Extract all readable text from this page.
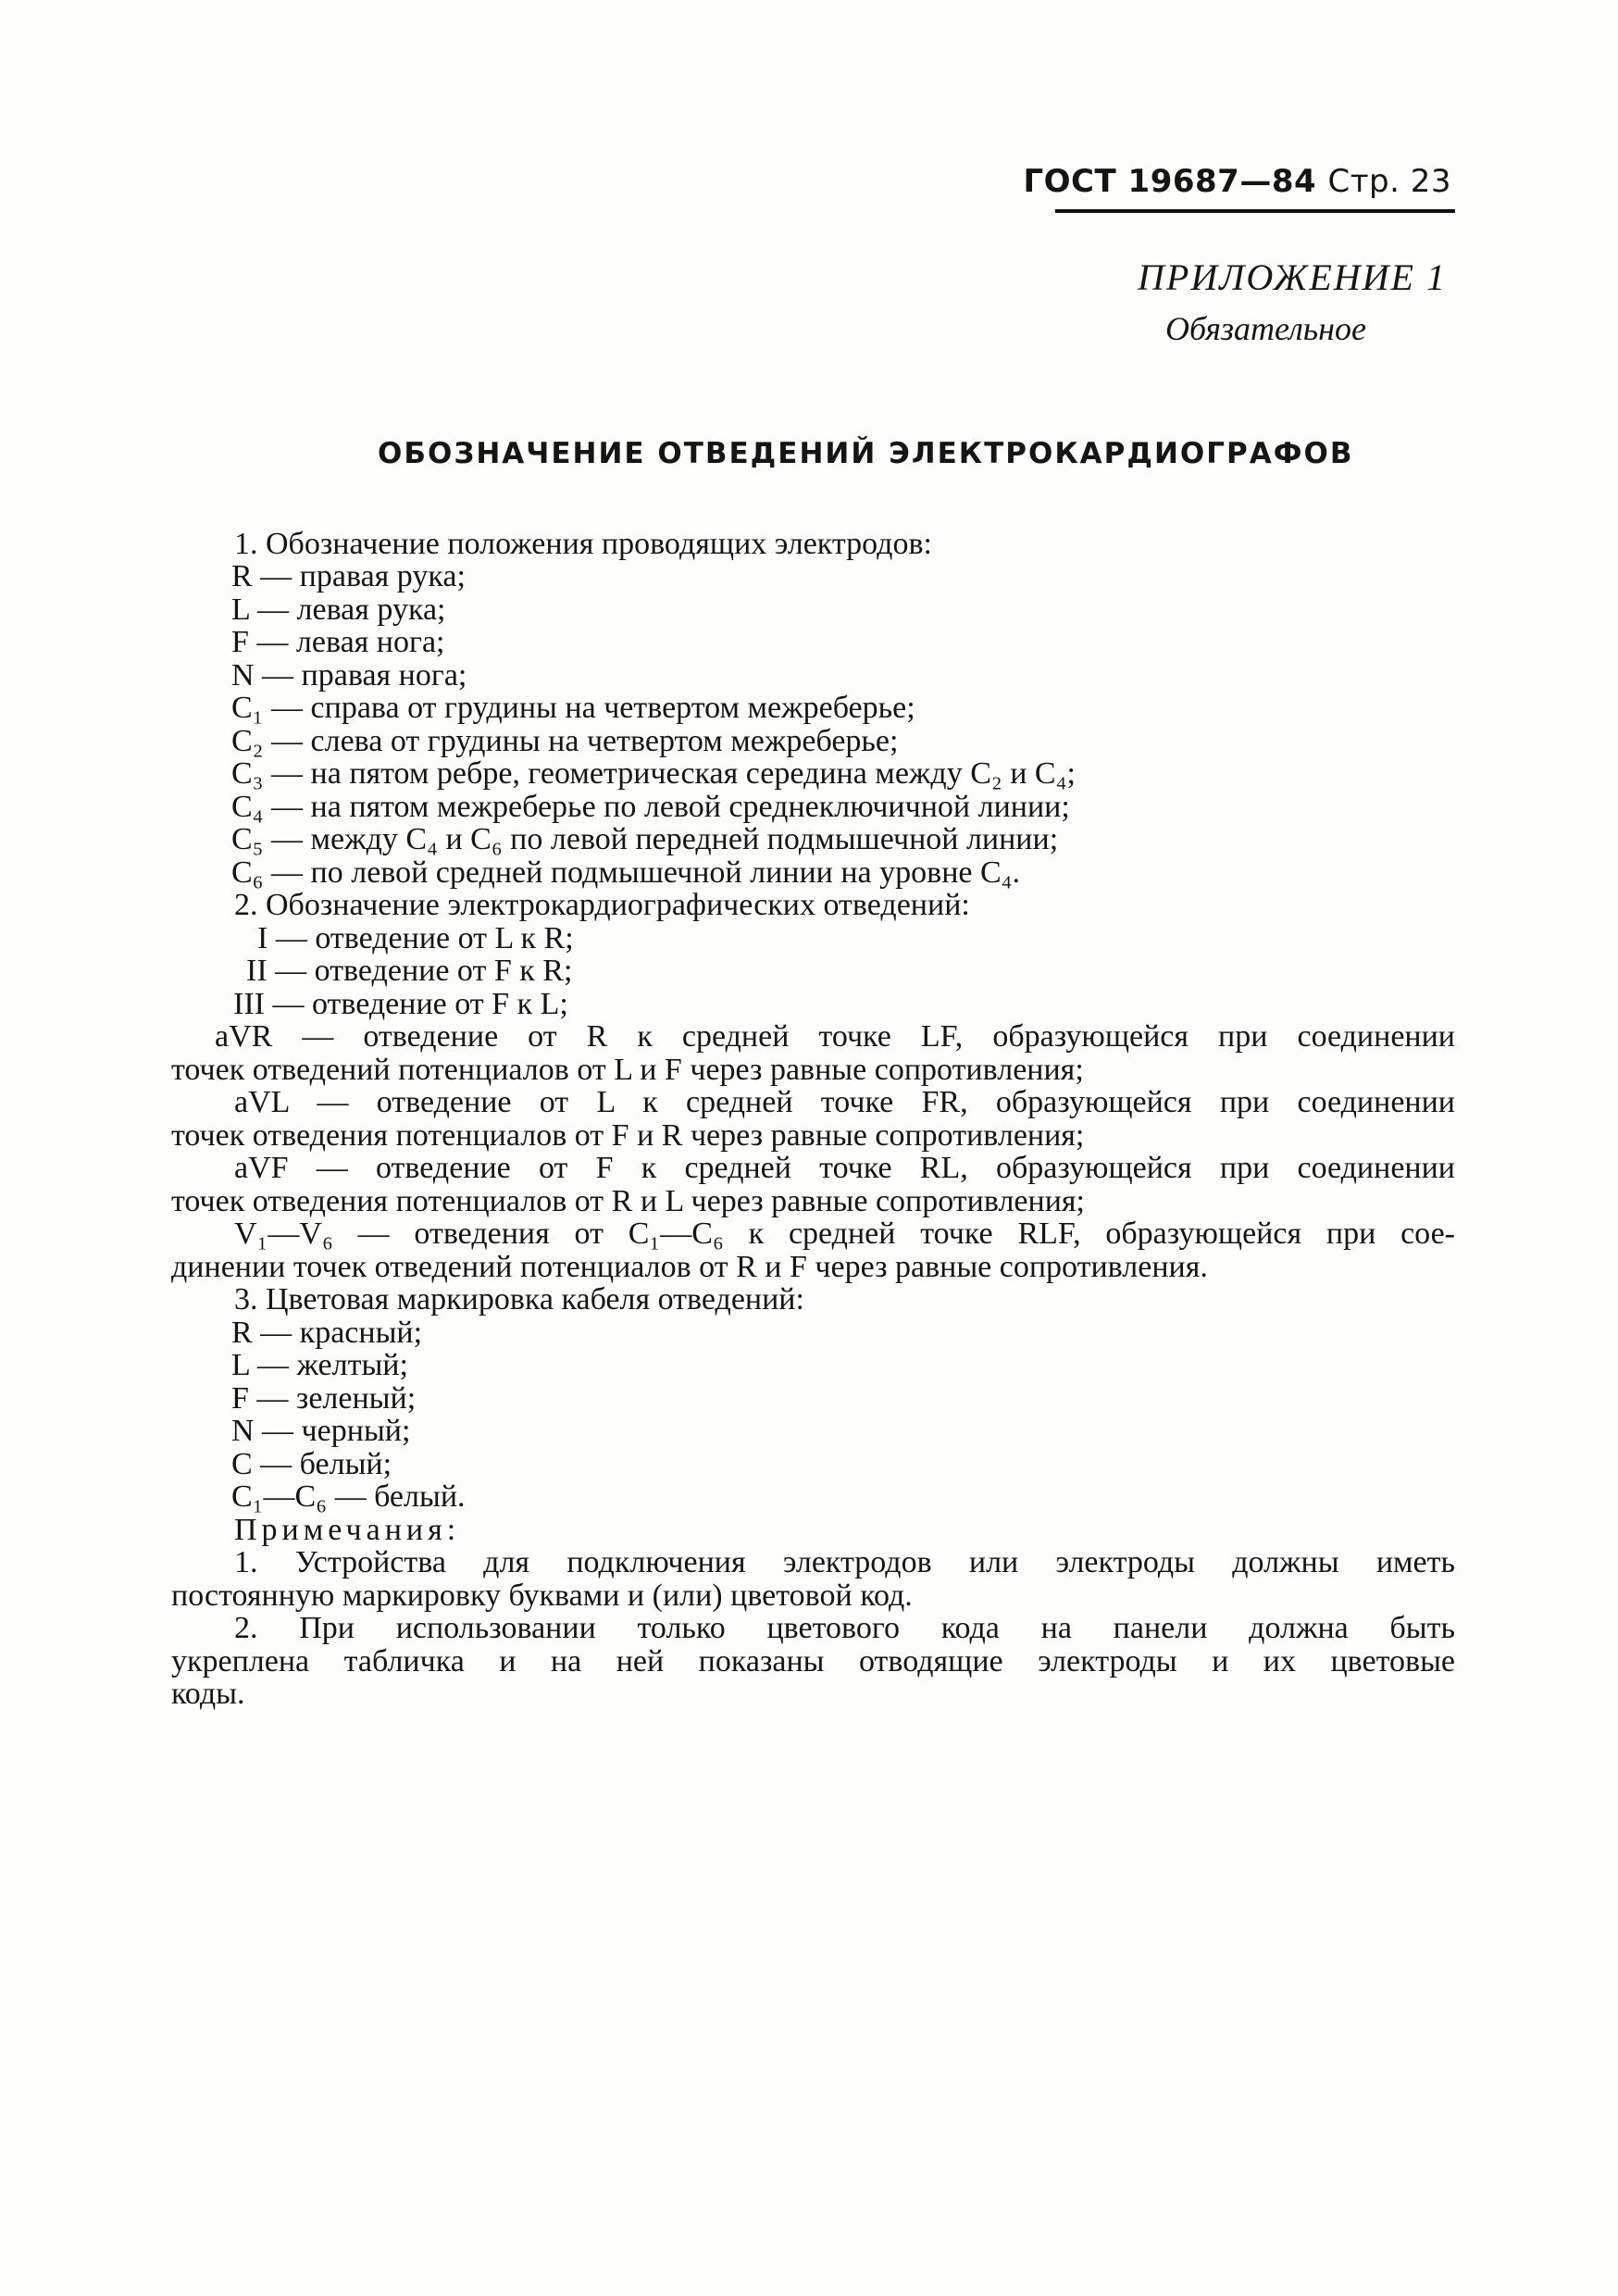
ГОСТ 19687—84 Стр. 23
ПРИЛОЖЕНИЕ 1
Обязательное
ОБОЗНАЧЕНИЕ ОТВЕДЕНИЙ ЭЛЕКТРОКАРДИОГРАФОВ
1. Обозначение положения проводящих электродов:
R — правая рука;
L — левая рука;
F — левая нога;
N — правая нога;
C₁ — справа от грудины на четвертом межреберье;
C₂ — слева от грудины на четвертом межреберье;
C₃ — на пятом ребре, геометрическая середина между C₂ и C₄;
C₄ — на пятом межреберье по левой среднеключичной линии;
C₅ — между C₄ и C₆ по левой передней подмышечной линии;
C₆ — по левой средней подмышечной линии на уровне C₄.
2. Обозначение электрокардиографических отведений:
I — отведение от L к R;
II — отведение от F к R;
III — отведение от F к L;
aVR — отведение от R к средней точке LF, образующейся при соединении
точек отведений потенциалов от L и F через равные сопротивления;
aVL — отведение от L к средней точке FR, образующейся при соединении
точек отведения потенциалов от F и R через равные сопротивления;
aVF — отведение от F к средней точке RL, образующейся при соединении
точек отведения потенциалов от R и L через равные сопротивления;
V₁—V₆ — отведения от C₁—C₆ к средней точке RLF, образующейся при сое-
динении точек отведений потенциалов от R и F через равные сопротивления.
3. Цветовая маркировка кабеля отведений:
R — красный;
L — желтый;
F — зеленый;
N — черный;
C — белый;
C₁—C₆ — белый.
Примечания:
1. Устройства для подключения электродов или электроды должны иметь
постоянную маркировку буквами и (или) цветовой код.
2. При использовании только цветового кода на панели должна быть
укреплена табличка и на ней показаны отводящие электроды и их цветовые
коды.
